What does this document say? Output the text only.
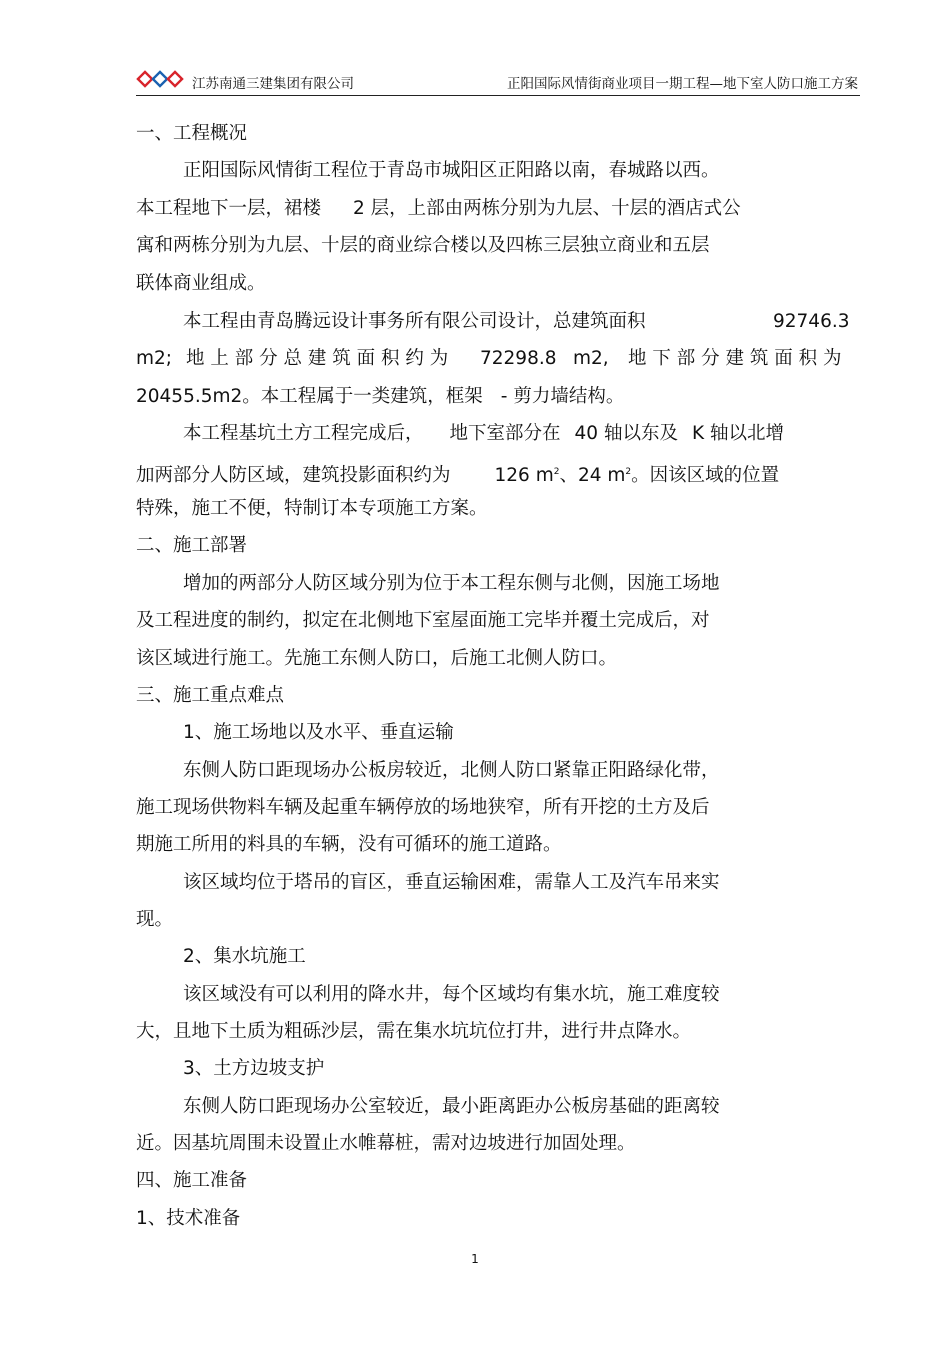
江苏南通三建集团有限公司	正阳国际风情街商业项目一期工程—地下室人防口施工方案
一、工程概况
正阳国际风情街工程位于青岛市城阳区正阳路以南，春城路以西。
本工程地下一层，裙楼 2 层，上部由两栋分别为九层、十层的酒店式公
寓和两栋分别为九层、十层的商业综合楼以及四栋三层独立商业和五层
联体商业组成。
本工程由青岛腾远设计事务所有限公司设计，总建筑面积	92746.3
m2; 地 上 部 分 总 建 筑 面 积 约 为 72298.8 m2, 地 下 部 分 建 筑 面 积 为
20455.5m2。本工程属于一类建筑，框架 - 剪力墙结构。
本工程基坑土方工程完成后， 地下室部分在 40 轴以东及 K 轴以北增
加两部分人防区域，建筑投影面积约为 126 $m^2$、24 $m^2$。因该区域的位置
特殊，施工不便，特制订本专项施工方案。
二、施工部署
增加的两部分人防区域分别为位于本工程东侧与北侧，因施工场地
及工程进度的制约，拟定在北侧地下室屋面施工完毕并覆土完成后，对
该区域进行施工。先施工东侧人防口，后施工北侧人防口。
三、施工重点难点
1、施工场地以及水平、垂直运输
东侧人防口距现场办公板房较近，北侧人防口紧靠正阳路绿化带，
施工现场供物料车辆及起重车辆停放的场地狭窄，所有开挖的土方及后
期施工所用的料具的车辆，没有可循环的施工道路。
该区域均位于塔吊的盲区，垂直运输困难，需靠人工及汽车吊来实
现。
2、集水坑施工
该区域没有可以利用的降水井，每个区域均有集水坑，施工难度较
大，且地下土质为粗砾沙层，需在集水坑坑位打井，进行井点降水。
3、土方边坡支护
东侧人防口距现场办公室较近，最小距离距办公板房基础的距离较
近。因基坑周围未设置止水帷幕桩，需对边坡进行加固处理。
四、施工准备
1、技术准备
1
